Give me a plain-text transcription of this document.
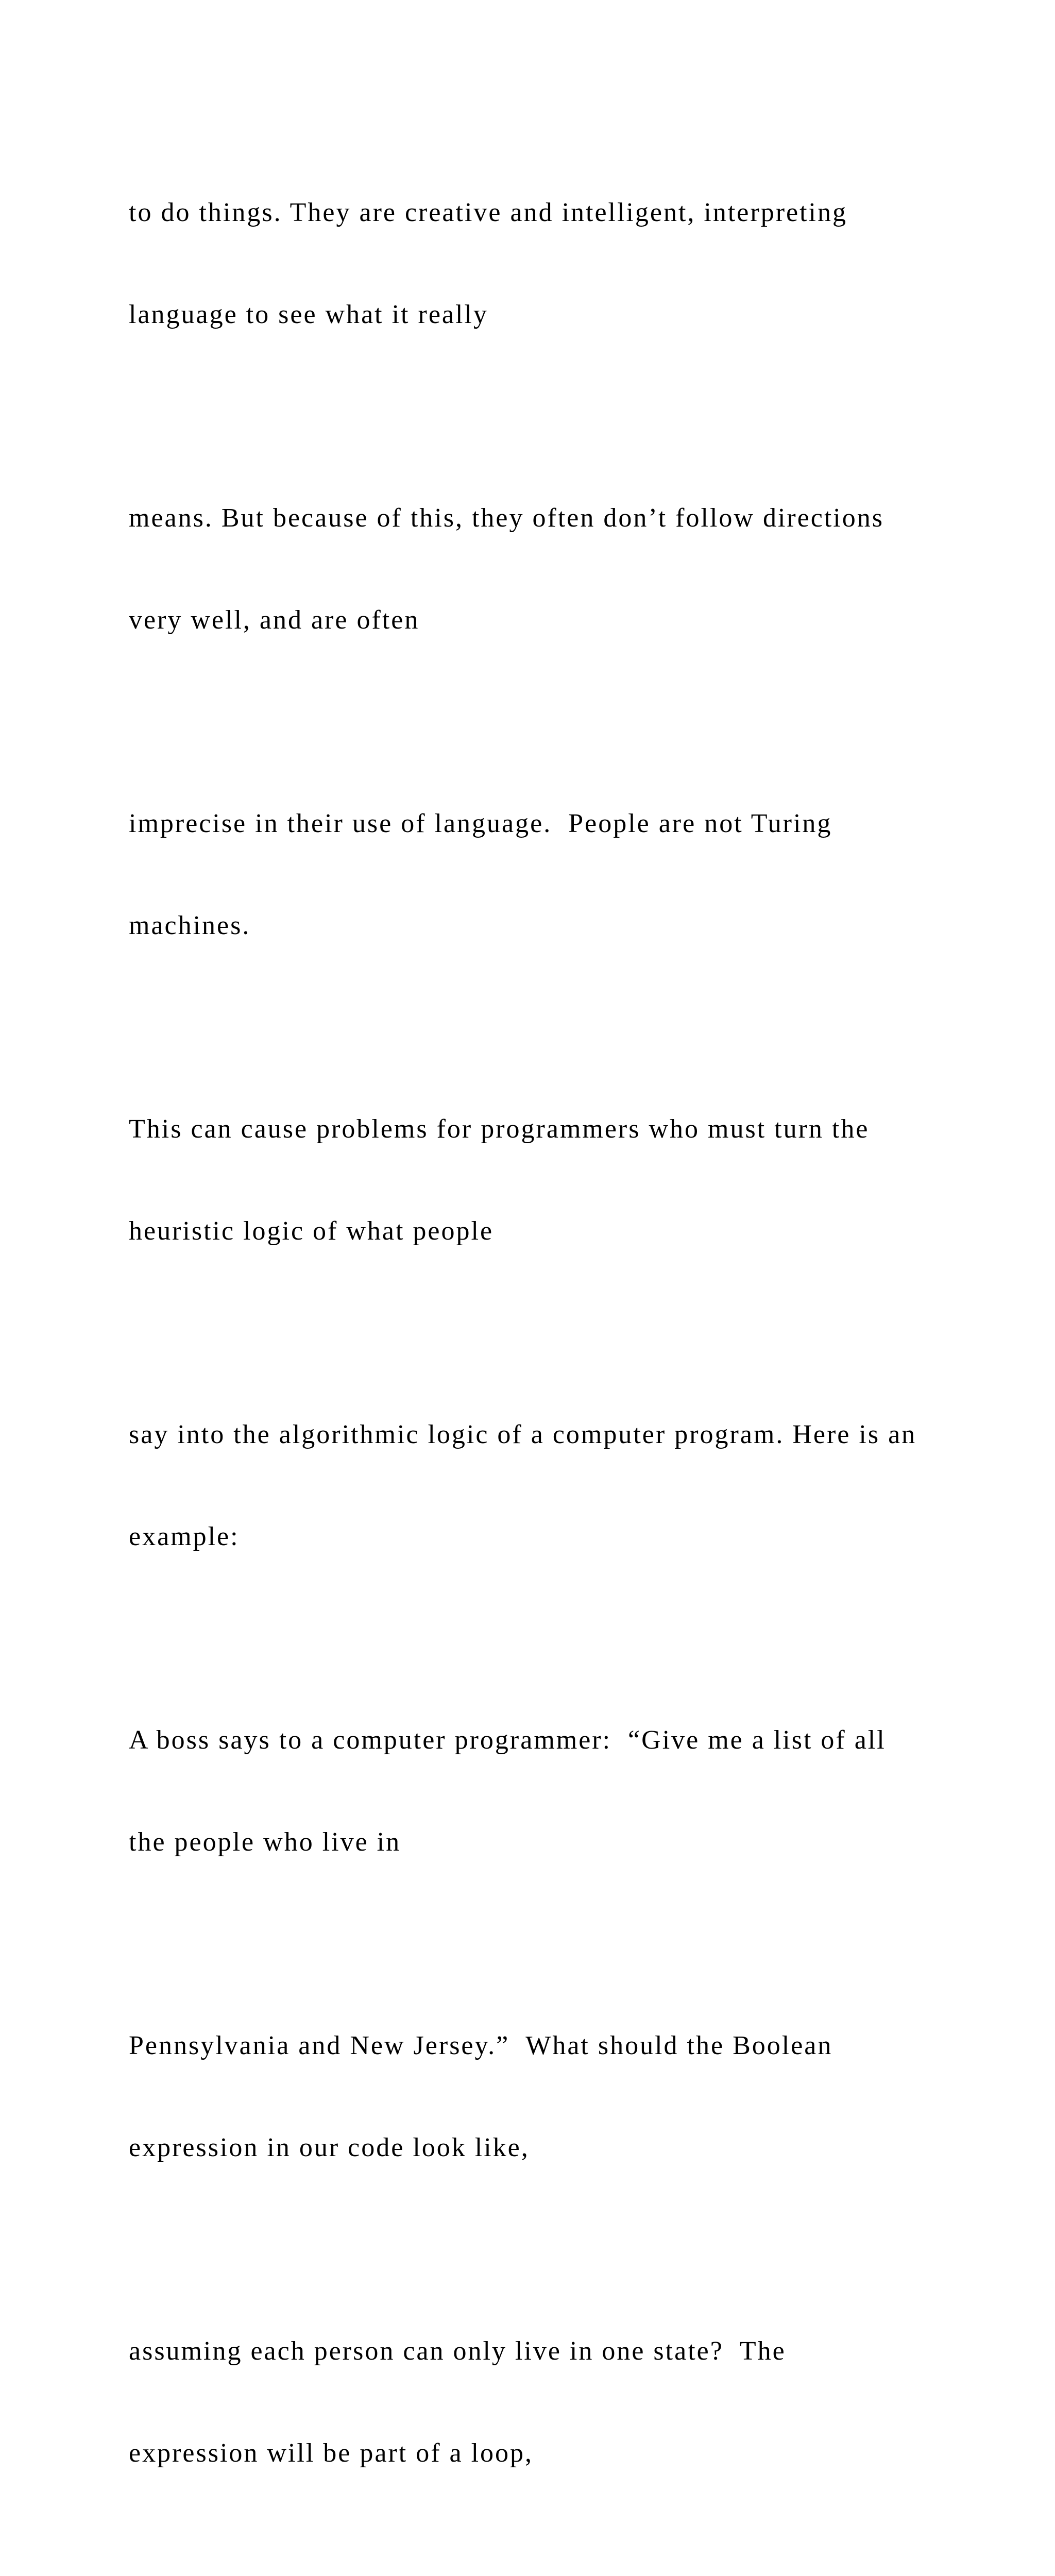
to do things. They are creative and intelligent, interpreting

language to see what it really

means. But because of this, they often don’t follow directions

very well, and are often

imprecise in their use of language.  People are not Turing

machines.

This can cause problems for programmers who must turn the

heuristic logic of what people

say into the algorithmic logic of a computer program. Here is an

example:

A boss says to a computer programmer:  “Give me a list of all

the people who live in

Pennsylvania and New Jersey.”  What should the Boolean

expression in our code look like,

assuming each person can only live in one state?  The

expression will be part of a loop,
